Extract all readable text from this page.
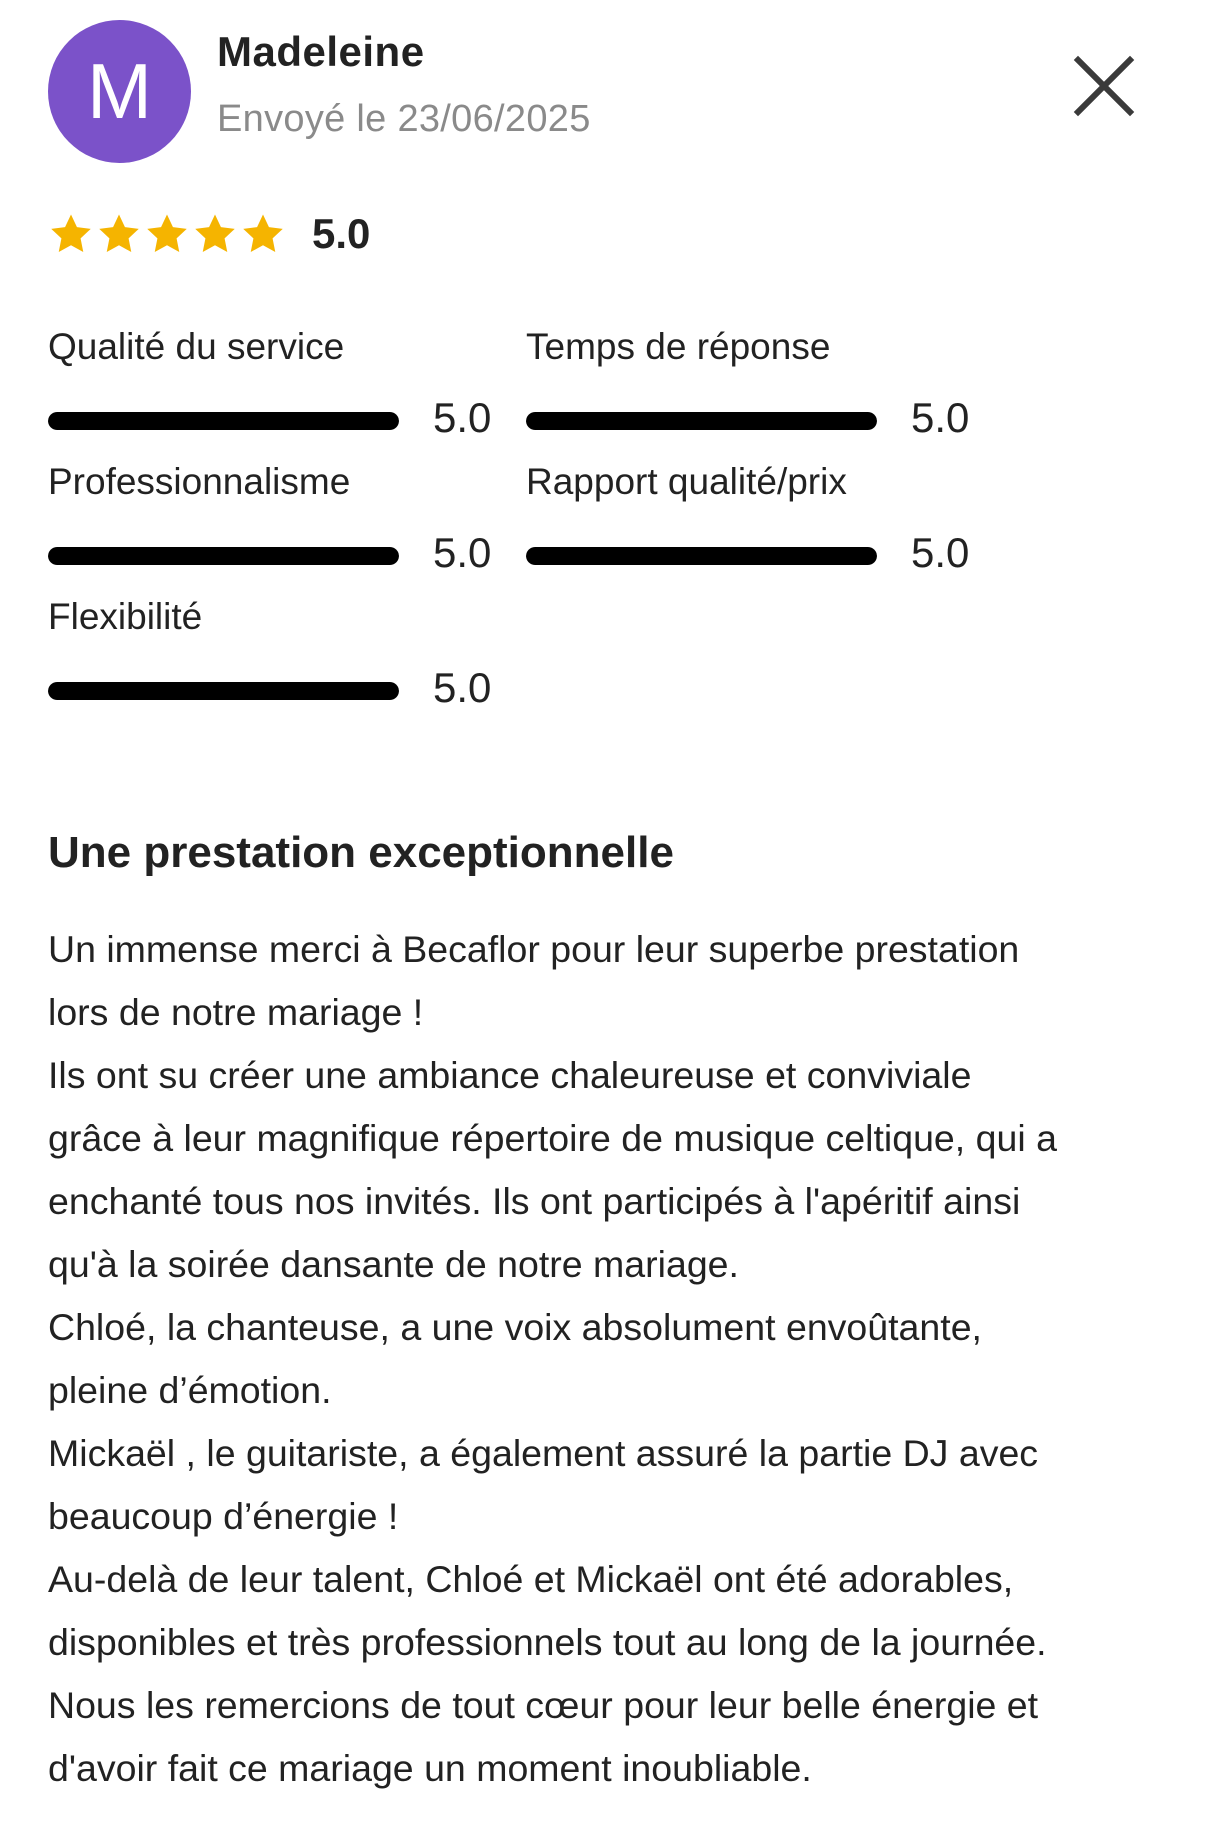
M	Madeleine
Envoyé le 23/06/2025
5.0
Qualité du service
5.0
Temps de réponse
5.0
Professionnalisme
5.0
Rapport qualité/prix
5.0
Flexibilité
5.0
Une prestation exceptionnelle
Un immense merci à Becaflor pour leur superbe prestation
lors de notre mariage !
Ils ont su créer une ambiance chaleureuse et conviviale
grâce à leur magnifique répertoire de musique celtique, qui a
enchanté tous nos invités. Ils ont participés à l'apéritif ainsi
qu'à la soirée dansante de notre mariage.
Chloé, la chanteuse, a une voix absolument envoûtante,
pleine d’émotion.
Mickaël , le guitariste, a également assuré la partie DJ avec
beaucoup d’énergie !
Au-delà de leur talent, Chloé et Mickaël ont été adorables,
disponibles et très professionnels tout au long de la journée.
Nous les remercions de tout cœur pour leur belle énergie et
d'avoir fait ce mariage un moment inoubliable.
